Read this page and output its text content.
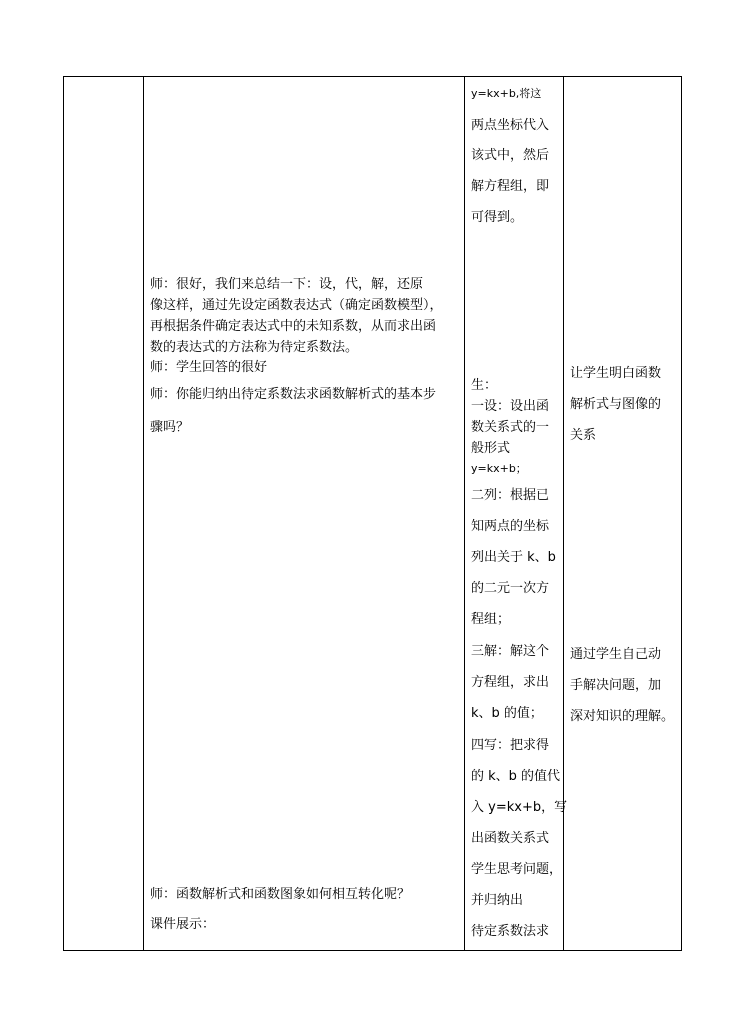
师：很好，我们来总结一下：设，代，解，还原
像这样，通过先设定函数表达式（确定函数模型），
再根据条件确定表达式中的未知系数，从而求出函
数的表达式的方法称为待定系数法。
师：学生回答的很好
师：你能归纳出待定系数法求函数解析式的基本步
骤吗？
师：函数解析式和函数图象如何相互转化呢？
课件展示：
y=kx+b,将这
两点坐标代入
该式中，然后
解方程组，即
可得到。
生：
一设：设出函
数关系式的一
般形式
y=kx+b；
二列：根据已
知两点的坐标
列出关于 k、b
的二元一次方
程组；
三解：解这个
方程组，求出
k、b 的值；
四写：把求得
的 k、b 的值代
入 y=kx+b，写
出函数关系式
学生思考问题，
并归纳出
待定系数法求
让学生明白函数
解析式与图像的
关系
通过学生自己动
手解决问题，加
深对知识的理解。
